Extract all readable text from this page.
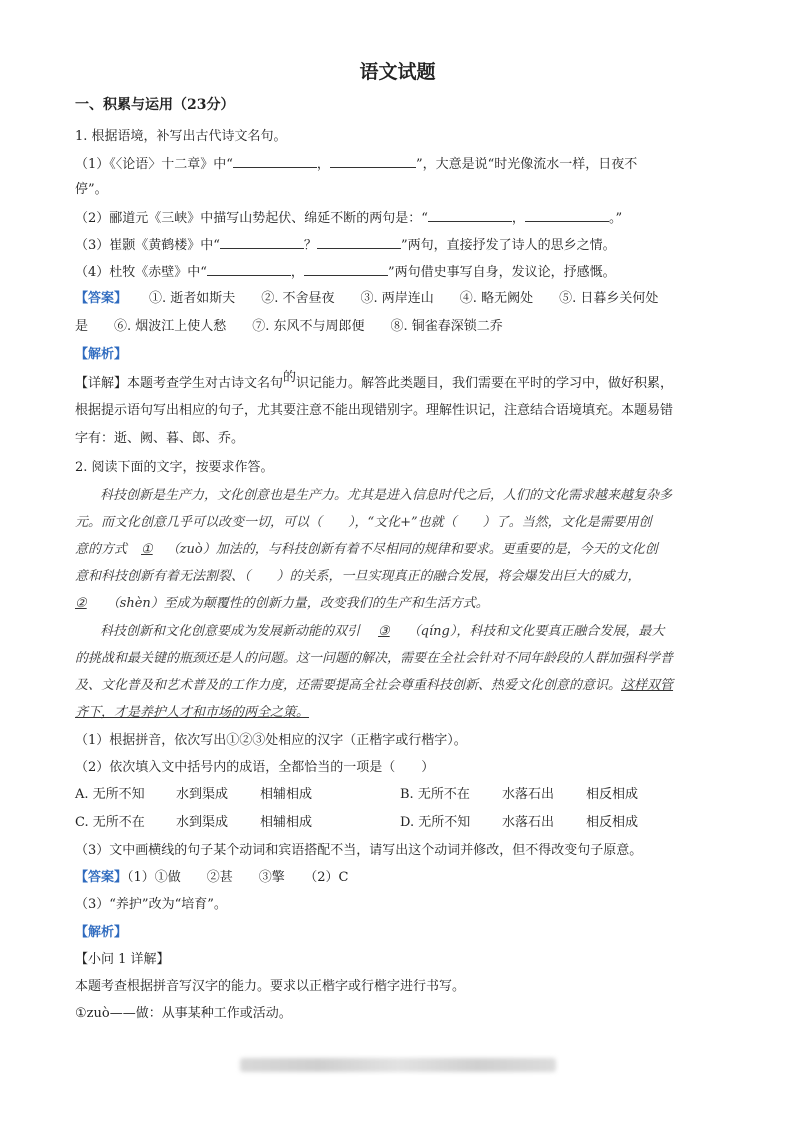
语文试题
一、积累与运用（23分）
1. 根据语境，补写出古代诗文名句。
（1）《〈论语〉十二章》中“	，	”，大意是说“时光像流水一样，日夜不
停”。
（2）郦道元《三峡》中描写山势起伏、绵延不断的两句是：“	，	。”
（3）崔颢《黄鹤楼》中“	？	”两句，直接抒发了诗人的思乡之情。
（4）杜牧《赤壁》中“	，	”两句借史事写自身，发议论，抒感慨。
【答案】 ①. 逝者如斯夫　　②. 不舍昼夜　　③. 两岸连山　　④. 略无阙处　　⑤. 日暮乡关何处
是　　⑥. 烟波江上使人愁　　⑦. 东风不与周郎便　　⑧. 铜雀春深锁二乔
【解析】
【详解】本题考查学生对古诗文名句的识记能力。解答此类题目，我们需要在平时的学习中，做好积累，
根据提示语句写出相应的句子，尤其要注意不能出现错别字。理解性识记，注意结合语境填充。本题易错
字有：逝、阙、暮、郎、乔。
2. 阅读下面的文字，按要求作答。
科技创新是生产力，文化创意也是生产力。尤其是进入信息时代之后，人们的文化需求越来越复杂多
元。而文化创意几乎可以改变一切，可以（　　），“文化+”也就（　　）了。当然，文化是需要用创
意的方式 ① （zuò）加法的，与科技创新有着不尽相同的规律和要求。更重要的是，今天的文化创
意和科技创新有着无法割裂、（　　）的关系，一旦实现真正的融合发展，将会爆发出巨大的威力，
② （shèn）至成为颠覆性的创新力量，改变我们的生产和生活方式。
科技创新和文化创意要成为发展新动能的双引 ③ （qíng），科技和文化要真正融合发展，最大
的挑战和最关键的瓶颈还是人的问题。这一问题的解决，需要在全社会针对不同年龄段的人群加强科学普
及、文化普及和艺术普及的工作力度，还需要提高全社会尊重科技创新、热爱文化创意的意识。这样双管
齐下，才是养护人才和市场的两全之策。
（1）根据拼音，依次写出①②③处相应的汉字（正楷字或行楷字）。
（2）依次填入文中括号内的成语，全都恰当的一项是（　　）
A. 无所不知 水到渠成 相辅相成	B. 无所不在 水落石出 相反相成
C. 无所不在 水到渠成 相辅相成	D. 无所不知 水落石出 相反相成
（3）文中画横线的句子某个动词和宾语搭配不当，请写出这个动词并修改，但不得改变句子原意。
【答案】（1）①做　　②甚　　③擎　　（2）C
（3）“养护”改为“培育”。
【解析】
【小问 1 详解】
本题考查根据拼音写汉字的能力。要求以正楷字或行楷字进行书写。
①zuò——做：从事某种工作或活动。
